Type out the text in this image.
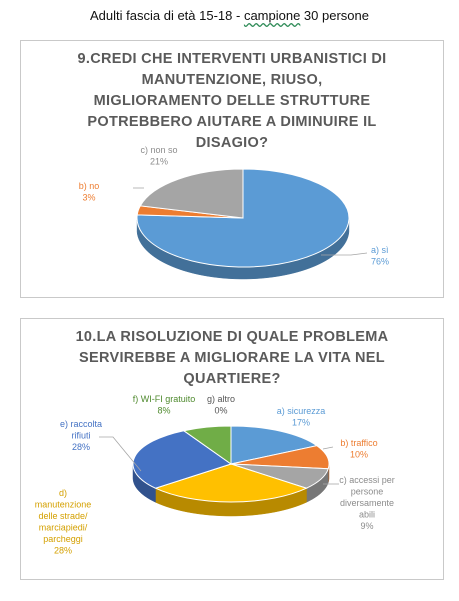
Adulti fascia di età 15-18 - campione 30 persone
9.CREDI CHE INTERVENTI URBANISTICI DI
MANUTENZIONE, RIUSO,
MIGLIORAMENTO DELLE STRUTTURE
POTREBBERO AIUTARE A DIMINUIRE IL
DISAGIO?
a) sì 76%
b) no 3%
c) non so 21%
10.LA RISOLUZIONE DI QUALE PROBLEMA
SERVIREBBE A MIGLIORARE LA VITA NEL
QUARTIERE?
a) sicurezza 17%
b) traffico 10%
c) accessi per persone diversamente abili 9%
d) manutenzione delle strade/ marciapiedi/ parcheggi 28%
e) raccolta rifiuti 28%
f) WI-FI gratuito 8%
g) altro 0%
